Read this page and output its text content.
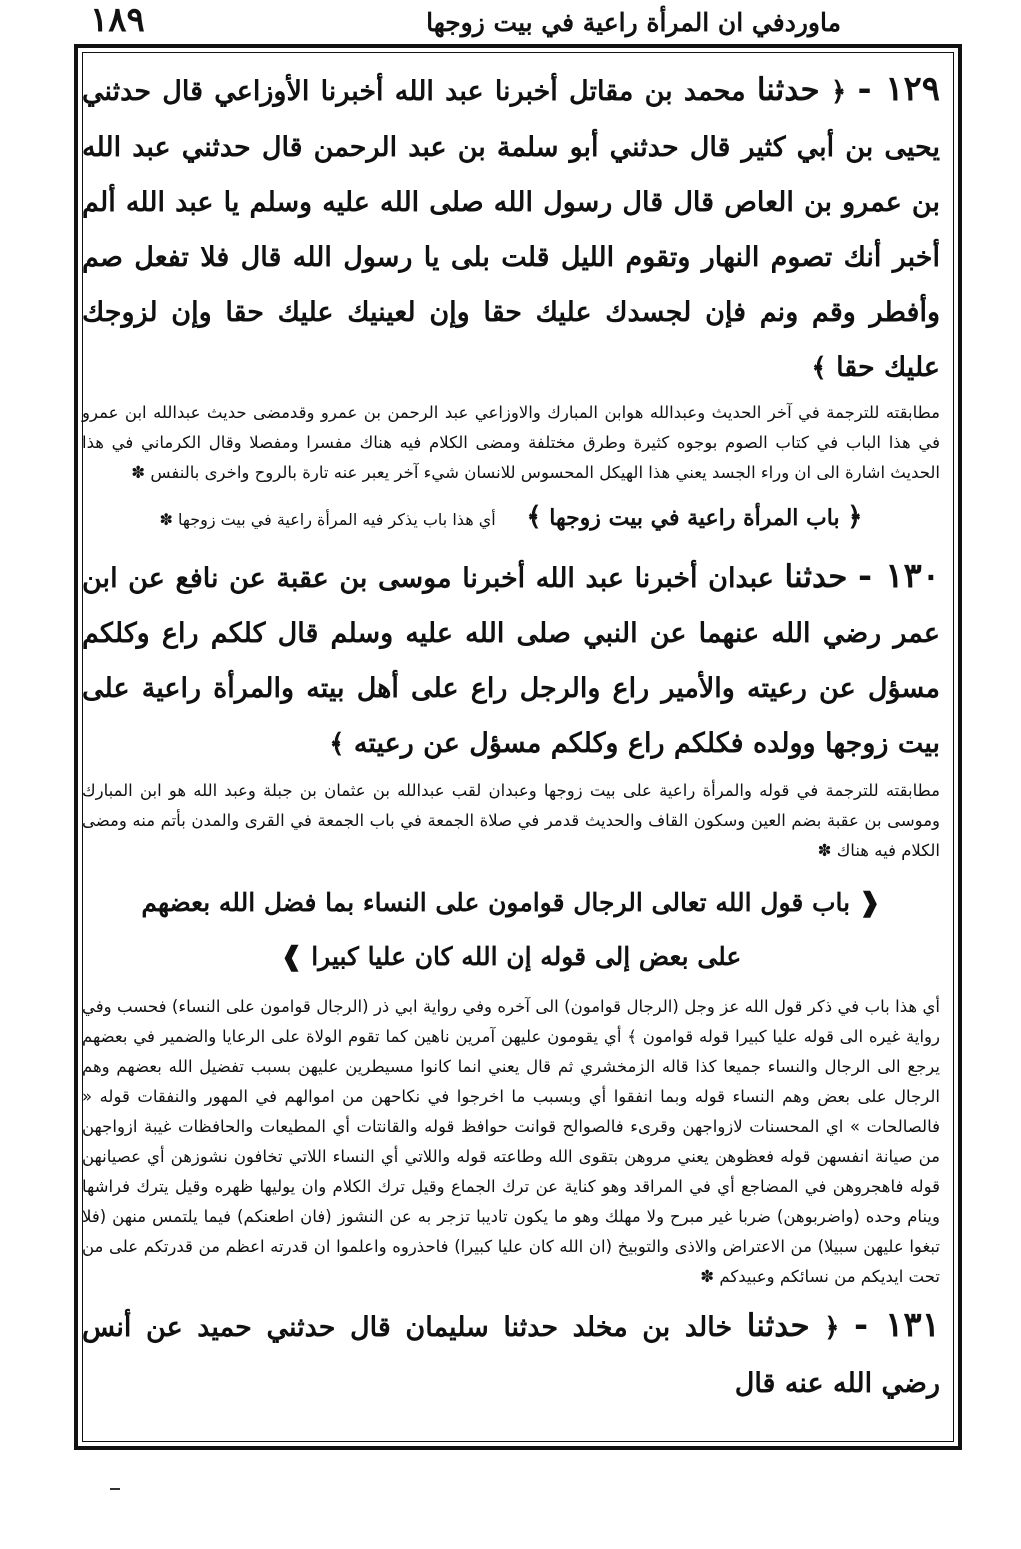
ماوردفي ان المرأة راعية في بيت زوجها
١٨٩

١٢٩ - ﴿ حدثنا محمد بن مقاتل أخبرنا عبد الله أخبرنا الأوزاعي قال حدثني يحيى بن أبي كثير قال حدثني أبو سلمة بن عبد الرحمن قال حدثني عبد الله بن عمرو بن العاص قال قال رسول الله صلى الله عليه وسلم يا عبد الله ألم أخبر أنك تصوم النهار وتقوم الليل قلت بلى يا رسول الله قال فلا تفعل صم وأفطر وقم ونم فإن لجسدك عليك حقا وإن لعينيك عليك حقا وإن لزوجك عليك حقا ﴾

مطابقته للترجمة في آخر الحديث وعبدالله هوابن المبارك والاوزاعي عبد الرحمن بن عمرو وقدمضى حديث عبدالله ابن عمرو في هذا الباب في كتاب الصوم بوجوه كثيرة وطرق مختلفة ومضى الكلام فيه هناك مفسرا ومفصلا وقال الكرماني في هذا الحديث اشارة الى ان وراء الجسد يعني هذا الهيكل المحسوس للانسان شيء آخر يعبر عنه تارة بالروح واخرى بالنفس ✽

﴿ باب المرأة راعية في بيت زوجها ﴾    أي هذا باب يذكر فيه المرأة راعية في بيت زوجها ✽

١٣٠ - حدثنا عبدان أخبرنا عبد الله أخبرنا موسى بن عقبة عن نافع عن ابن عمر رضي الله عنهما عن النبي صلى الله عليه وسلم قال كلكم راع وكلكم مسؤل عن رعيته والأمير راع والرجل راع على أهل بيته والمرأة راعية على بيت زوجها وولده فكلكم راع وكلكم مسؤل عن رعيته ﴾

مطابقته للترجمة في قوله والمرأة راعية على بيت زوجها وعبدان لقب عبدالله بن عثمان بن جبلة وعبد الله هو ابن المبارك وموسى بن عقبة بضم العين وسكون القاف والحديث قدمر في صلاة الجمعة في باب الجمعة في القرى والمدن بأتم منه ومضى الكلام فيه هناك ✽

❰ باب قول الله تعالى الرجال قوامون على النساء بما فضل الله بعضهم

على بعض إلى قوله إن الله كان عليا كبيرا ❱

أي هذا باب في ذكر قول الله عز وجل (الرجال قوامون) الى آخره وفي رواية ابي ذر (الرجال قوامون على النساء) فحسب وفي رواية غيره الى قوله عليا كبيرا قوله قوامون ﴾ أي يقومون عليهن آمرين ناهين كما تقوم الولاة على الرعايا والضمير في بعضهم يرجع الى الرجال والنساء جميعا كذا قاله الزمخشري ثم قال يعني انما كانوا مسيطرين عليهن بسبب تفضيل الله بعضهم وهم الرجال على بعض وهم النساء قوله وبما انفقوا أي وبسبب ما اخرجوا في نكاحهن من اموالهم في المهور والنفقات قوله « فالصالحات » اي المحسنات لازواجهن وقرىء فالصوالح قوانت حوافظ قوله والقانتات أي المطيعات والحافظات غيبة ازواجهن من صيانة انفسهن قوله فعظوهن يعني مروهن بتقوى الله وطاعته قوله واللاتي أي النساء اللاتي تخافون نشوزهن أي عصيانهن قوله فاهجروهن في المضاجع أي في المراقد وهو كناية عن ترك الجماع وقيل ترك الكلام وان يوليها ظهره وقيل يترك فراشها وينام وحده (واضربوهن) ضربا غير مبرح ولا مهلك وهو ما يكون تاديبا تزجر به عن النشوز (فان اطعنكم) فيما يلتمس منهن (فلا تبغوا عليهن سبيلا) من الاعتراض والاذى والتوبيخ (ان الله كان عليا كبيرا) فاحذروه واعلموا ان قدرته اعظم من قدرتكم على من تحت ايديكم من نسائكم وعبيدكم ✽

١٣١ - ﴿ حدثنا خالد بن مخلد حدثنا سليمان قال حدثني حميد عن أنس رضي الله عنه قال
